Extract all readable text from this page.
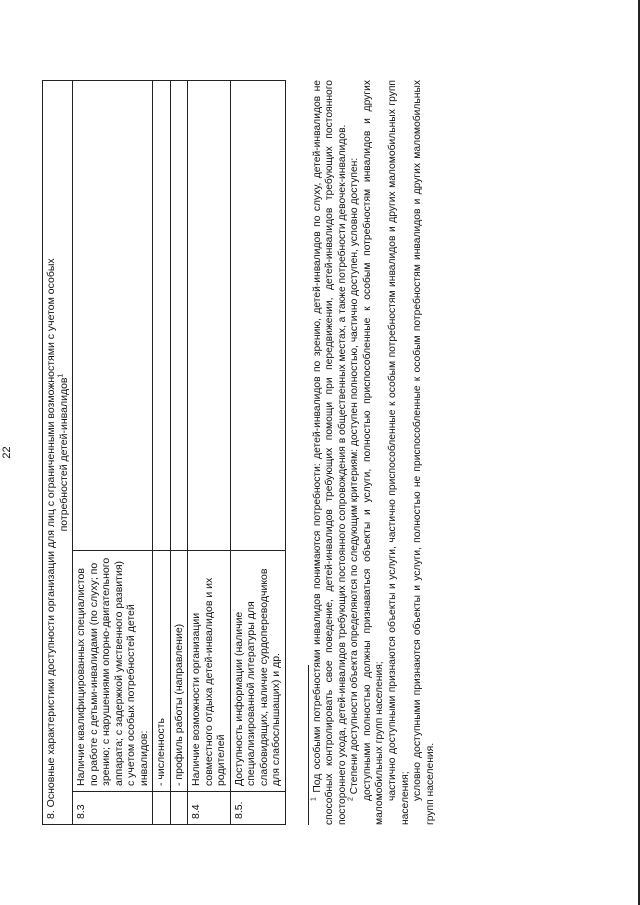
22	8. Основные характеристики доступности организации для лиц с ограниченными возможностями с учетом особых потребностей детей-инвалидов$^1$
8.3	Наличие квалифицированных специалистов по работе с детьми-инвалидами (по слуху; по зрению; с нарушениями опорно-двигательного аппарата; с задержкой умственного развития) с учетом особых потребностей детей инвалидов:	
	- численность	
	- профиль работы (направление)	
8.4	Наличие возможности организации совместного отдыха детей-инвалидов и их родителей	
8.5.	Доступность информации (наличие специализированной литературы для слабовидящих, наличие сурдопереводчиков для слабослышащих) и др.	

$^1$ Под особыми потребностями инвалидов понимаются потребности: детей-инвалидов по зрению, детей-инвалидов по слуху, детей-инвалидов не способных контролировать свое поведение, детей-инвалидов требующих помощи при передвижении, детей-инвалидов требующих постоянного постороннего ухода, детей-инвалидов требующих постоянного сопровождения в общественных местах, а также потребности девочек-инвалидов. $^2$ Степени доступности объекта определяются по следующим критериям: доступен полностью, частично доступен, условно доступен: доступными полностью должны признаваться объекты и услуги, полностью приспособленные к особым потребностям инвалидов и других маломобильных групп населения; частично доступными признаются объекты и услуги, частично приспособленные к особым потребностям инвалидов и других маломобильных групп населения; условно доступными признаются объекты и услуги, полностью не приспособленные к особым потребностям инвалидов и других маломобильных групп населения.
